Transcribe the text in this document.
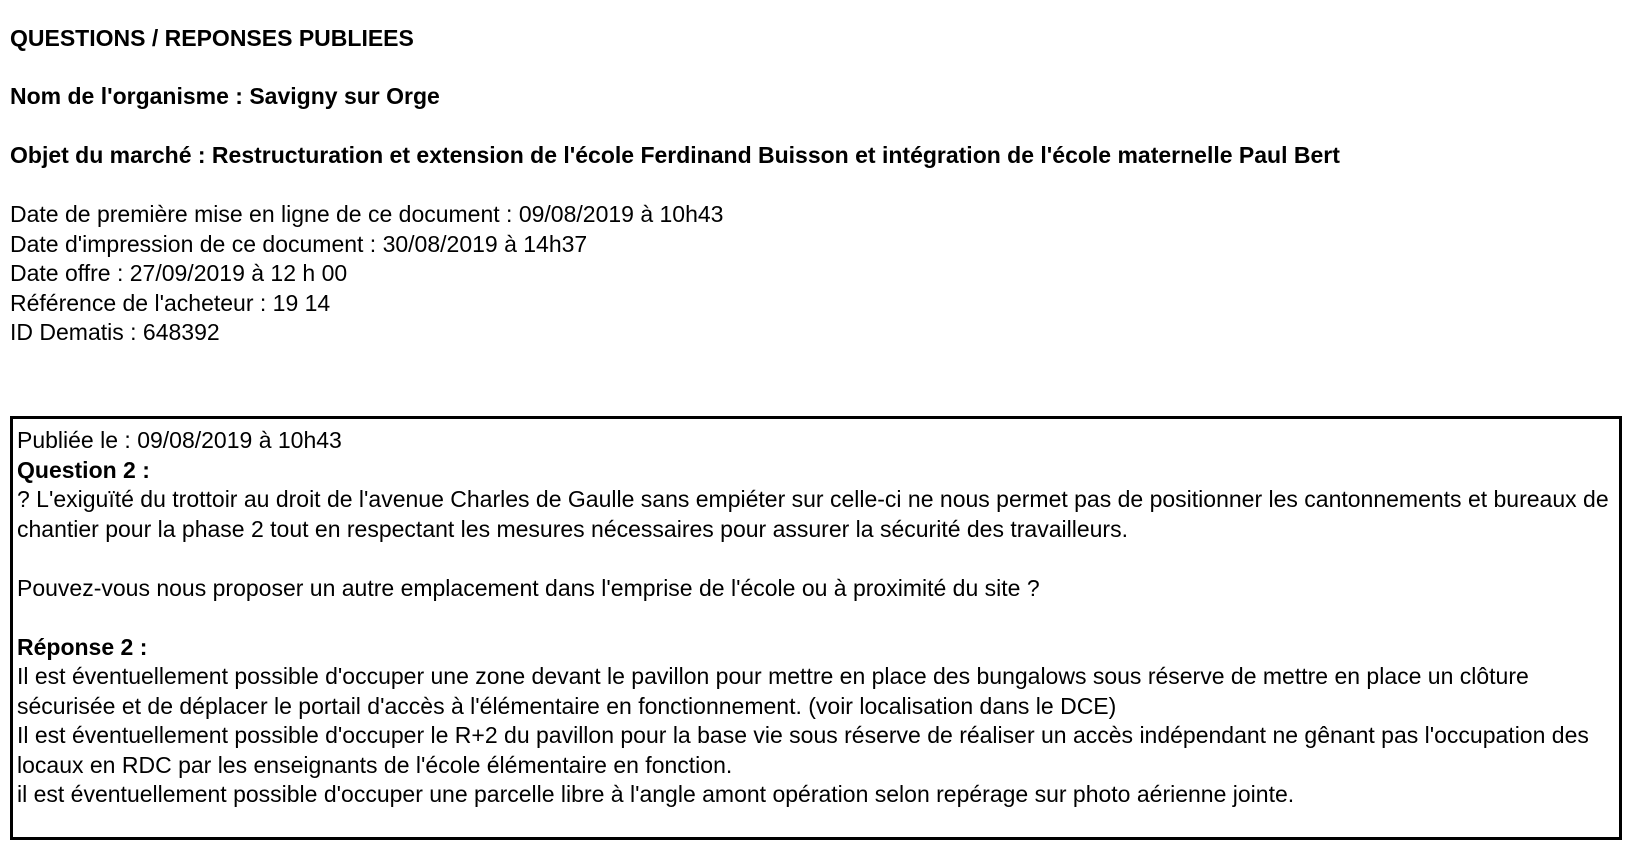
QUESTIONS / REPONSES PUBLIEES
Nom de l'organisme : Savigny sur Orge
Objet du marché : Restructuration et extension de l'école Ferdinand Buisson et intégration de l'école maternelle Paul Bert
Date de première mise en ligne de ce document : 09/08/2019 à 10h43
Date d'impression de ce document : 30/08/2019 à 14h37
Date offre : 27/09/2019 à 12 h 00
Référence de l'acheteur : 19 14
ID Dematis : 648392

Publiée le : 09/08/2019 à 10h43

Question 2 :

? L'exiguïté du trottoir au droit de l'avenue Charles de Gaulle sans empiéter sur celle-ci ne nous permet pas de positionner les cantonnements et bureaux de chantier pour la phase 2 tout en respectant les mesures nécessaires pour assurer la sécurité des travailleurs.

Pouvez-vous nous proposer un autre emplacement dans l'emprise de l'école ou à proximité du site ?

Réponse 2 :

Il est éventuellement possible d'occuper une zone devant le pavillon pour mettre en place des bungalows sous réserve de mettre en place un clôture sécurisée et de déplacer le portail d'accès à l'élémentaire en fonctionnement. (voir localisation dans le DCE)

Il est éventuellement possible d'occuper le R+2 du pavillon pour la base vie sous réserve de réaliser un accès indépendant ne gênant pas l'occupation des locaux en RDC par les enseignants de l'école élémentaire en fonction.

il est éventuellement possible d'occuper une parcelle libre à l'angle amont opération selon repérage sur photo aérienne jointe.
